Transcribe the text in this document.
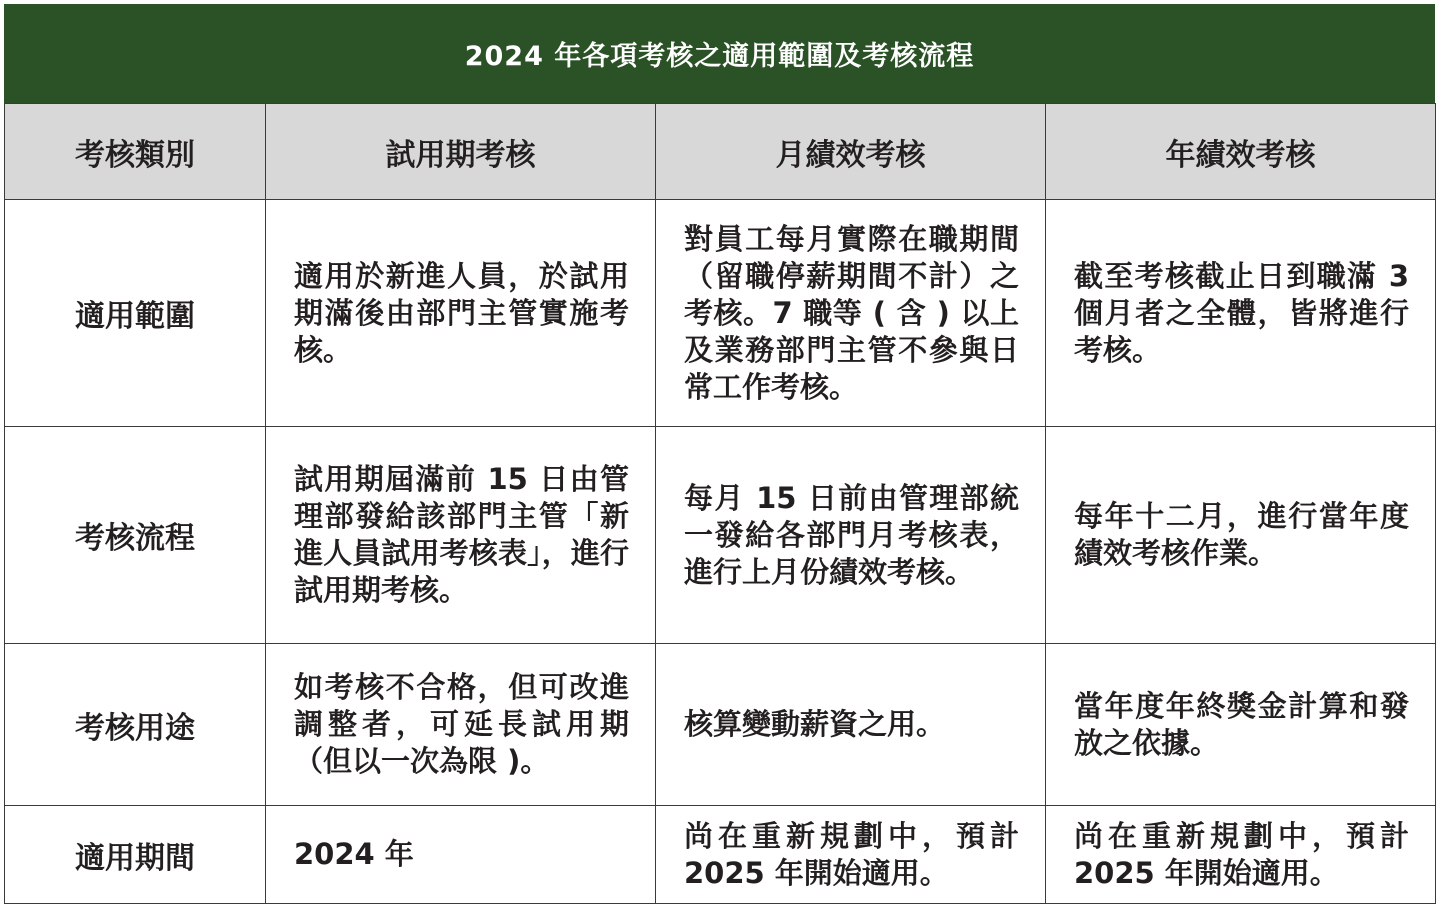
2024 年各項考核之適用範圍及考核流程
考核類別	試用期考核	月績效考核	年績效考核
適用範圍	適用於新進人員，於試用期滿後由部門主管實施考核。	對員工每月實際在職期間（留職停薪期間不計）之考核。7 職等 ( 含 ) 以上及業務部門主管不參與日常工作考核。	截至考核截止日到職滿 3 個月者之全體，皆將進行考核。
考核流程	試用期屆滿前 15 日由管理部發給該部門主管「新進人員試用考核表」，進行試用期考核。	每月 15 日前由管理部統一發給各部門月考核表，進行上月份績效考核。	每年十二月，進行當年度績效考核作業。
考核用途	如考核不合格，但可改進調整者，可延長試用期（但以一次為限 )。	核算變動薪資之用。	當年度年終獎金計算和發放之依據。
適用期間	2024 年	尚在重新規劃中，預計 2025 年開始適用。	尚在重新規劃中，預計 2025 年開始適用。
